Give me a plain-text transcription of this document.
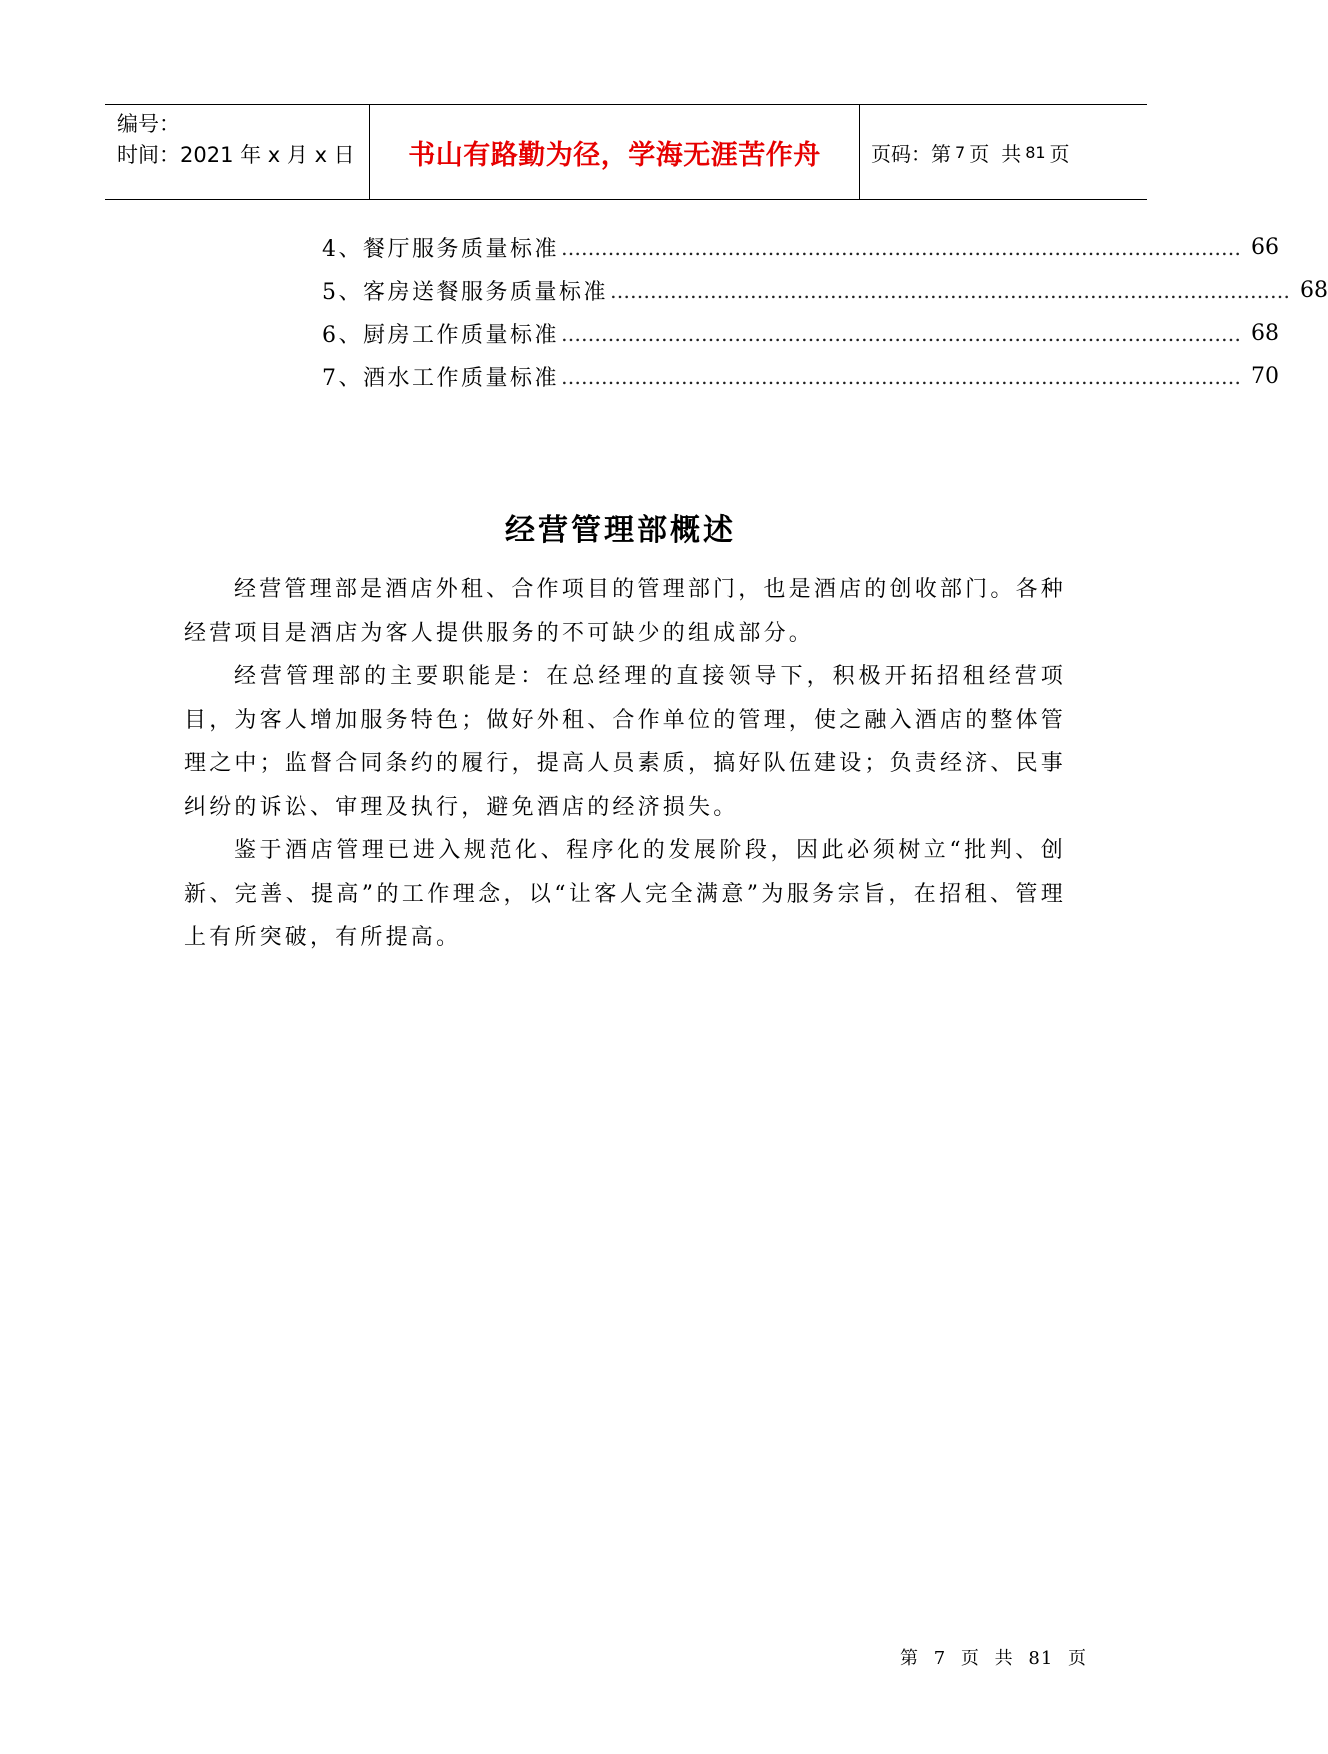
编号：
时间：2021 年 x 月 x 日	书山有路勤为径，学海无涯苦作舟	页码：第 7 页 共 81 页
4、餐厅服务质量标准 ………………………………………………………………………………………… 66
5、客房送餐服务质量标准 ………………………………………………………………………………………… 68
6、厨房工作质量标准 ………………………………………………………………………………………… 68
7、酒水工作质量标准 ………………………………………………………………………………………… 70
经营管理部概述

经营管理部是酒店外租、合作项目的管理部门，也是酒店的创收部门。各种经营项目是酒店为客人提供服务的不可缺少的组成部分。

经营管理部的主要职能是：在总经理的直接领导下，积极开拓招租经营项目，为客人增加服务特色；做好外租、合作单位的管理，使之融入酒店的整体管理之中；监督合同条约的履行，提高人员素质，搞好队伍建设；负责经济、民事纠纷的诉讼、审理及执行，避免酒店的经济损失。

鉴于酒店管理已进入规范化、程序化的发展阶段，因此必须树立“批判、创新、完善、提高”的工作理念，以“让客人完全满意”为服务宗旨，在招租、管理上有所突破，有所提高。

第 7 页 共 81 页
